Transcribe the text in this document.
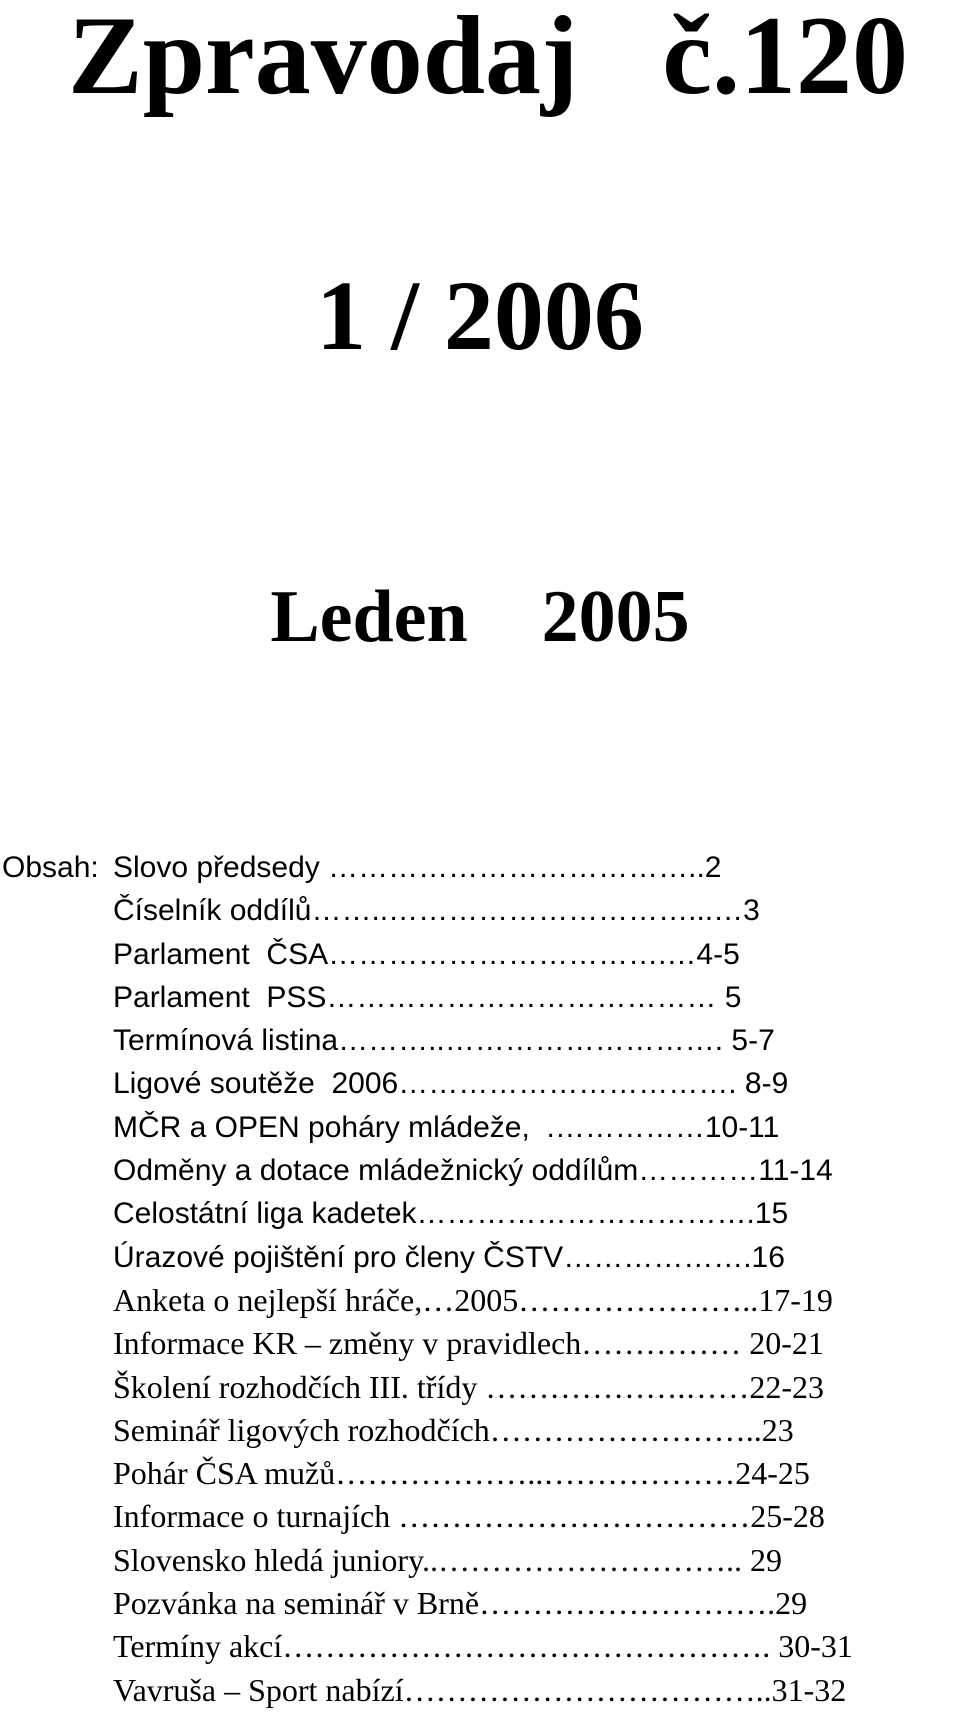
Zpravodaj   č.120
1 / 2006
Leden    2005
Obsah: Slovo předsedy ………………………………..2
Číselník oddílů……..…………………………...…3
Parlament  ČSA…………………………….…4-5
Parlament  PSS………………………………… 5
Termínová listina………..………………………. 5-7
Ligové soutěže  2006……………………………. 8-9
MČR a OPEN poháry mládeže,  .……………10-11
Odměny a dotace mládežnický oddílům…………11-14
Celostátní liga kadetek…………………………….15
Úrazové pojištění pro členy ČSTV……………….16
Anketa o nejlepší hráče,…2005…………………..17-19
Informace KR – změny v pravidlech…………… 20-21
Školení rozhodčích III. třídy ……………….……22-23
Seminář ligových rozhodčích……………………..23
Pohár ČSA mužů………………..………………24-25
Informace o turnajích ……………………………25-28
Slovensko hledá juniory..……………………….. 29
Pozvánka na seminář v Brně……………………….29
Termíny akcí………………………………………. 30-31
Vavruša – Sport nabízí……………………………..31-32
